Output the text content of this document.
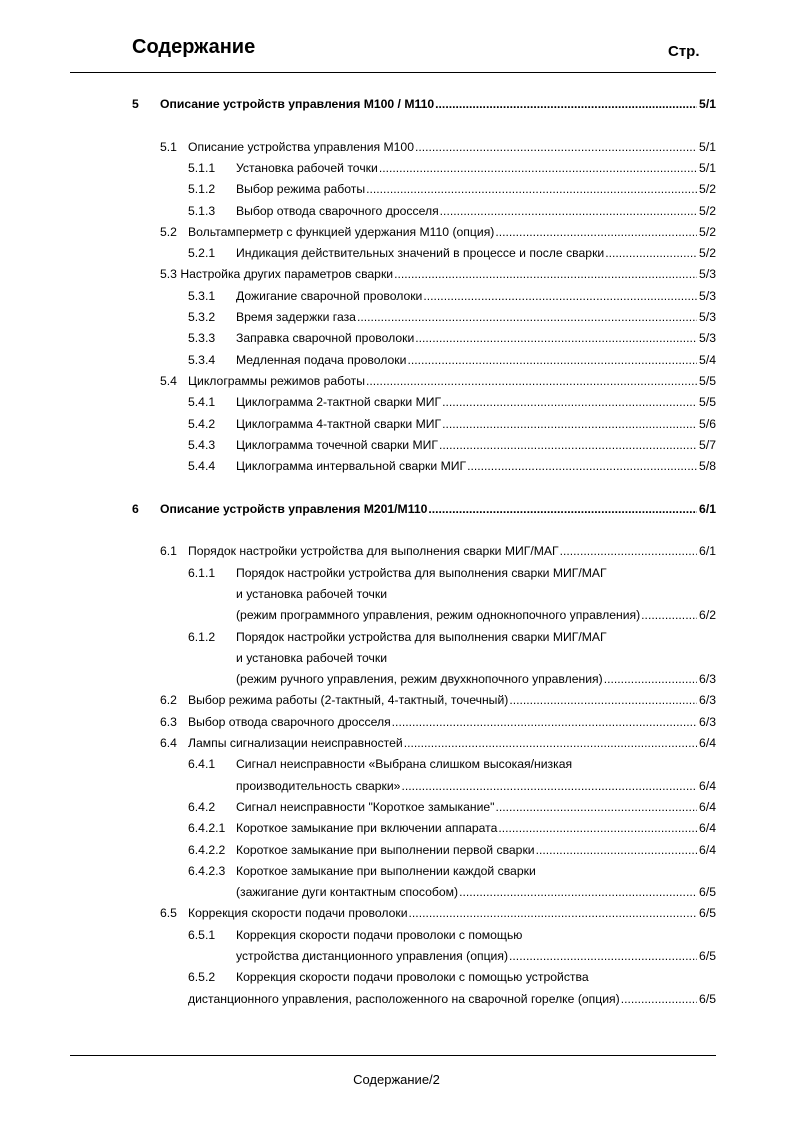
Содержание	Стр.
5	Описание устройств управления М100 / М110 .....	5/1
5.1 Описание устройства управления М100 .....	5/1
5.1.1	Установка рабочей точки .....	5/1
5.1.2	Выбор режима работы .....	5/2
5.1.3	Выбор отвода сварочного дросселя .....	5/2
5.2 Вольтамперметр с функцией удержания М110 (опция) .....	5/2
5.2.1	Индикация действительных значений в процессе и после сварки .....	5/2
5.3 Настройка других параметров сварки .....	5/3
5.3.1	Дожигание сварочной проволоки .....	5/3
5.3.2	Время задержки газа .....	5/3
5.3.3	Заправка сварочной проволоки .....	5/3
5.3.4	Медленная подача проволоки .....	5/4
5.4 Циклограммы режимов работы .....	5/5
5.4.1	Циклограмма 2-тактной сварки МИГ .....	5/5
5.4.2	Циклограмма 4-тактной сварки МИГ .....	5/6
5.4.3	Циклограмма точечной сварки МИГ .....	5/7
5.4.4	Циклограмма интервальной сварки МИГ .....	5/8
6	Описание устройств управления М201/М110 .....	6/1
6.1 Порядок настройки устройства для выполнения сварки МИГ/МАГ .....	6/1
6.1.1	Порядок настройки устройства для выполнения сварки МИГ/МАГ
и установка рабочей точки
(режим программного управления, режим однокнопочного управления) .....	6/2
6.1.2	Порядок настройки устройства для выполнения сварки МИГ/МАГ
и установка рабочей точки
(режим ручного управления, режим двухкнопочного управления) .....	6/3
6.2 Выбор режима работы (2-тактный, 4-тактный, точечный) .....	6/3
6.3 Выбор отвода сварочного дросселя .....	6/3
6.4 Лампы сигнализации неисправностей .....	6/4
6.4.1	Сигнал неисправности «Выбрана слишком высокая/низкая
производительность сварки» .....	6/4
6.4.2	Сигнал неисправности "Короткое замыкание" .....	6/4
6.4.2.1 Короткое замыкание при включении аппарата .....	6/4
6.4.2.2 Короткое замыкание при выполнении первой сварки .....	6/4
6.4.2.3 Короткое замыкание при выполнении каждой сварки
(зажигание дуги контактным способом) .....	6/5
6.5 Коррекция скорости подачи проволоки .....	6/5
6.5.1	Коррекция скорости подачи проволоки с помощью
устройства дистанционного управления (опция) .....	6/5
6.5.2	Коррекция скорости подачи проволоки с помощью устройства
дистанционного управления, расположенного на сварочной горелке (опция) .....	6/5
Содержание/2
